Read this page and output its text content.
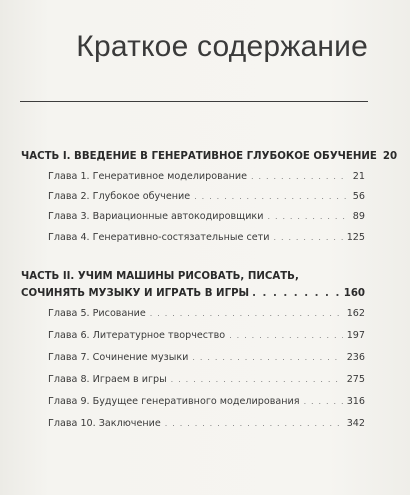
Краткое содержание
ЧАСТЬ I. ВВЕДЕНИЕ В ГЕНЕРАТИВНОЕ ГЛУБОКОЕ ОБУЧЕНИЕ 20
Глава 1. Генеративное моделирование . . .	21
Глава 2. Глубокое обучение . . .	56
Глава 3. Вариационные автокодировщики . . .	89
Глава 4. Генеративно-состязательные сети . . .	125
ЧАСТЬ II. УЧИМ МАШИНЫ РИСОВАТЬ, ПИСАТЬ,
СОЧИНЯТЬ МУЗЫКУ И ИГРАТЬ В ИГРЫ . . .	160
Глава 5. Рисование . . .	162
Глава 6. Литературное творчество . . .	197
Глава 7. Сочинение музыки . . .	236
Глава 8. Играем в игры . . .	275
Глава 9. Будущее генеративного моделирования . . .	316
Глава 10. Заключение . . .	342
